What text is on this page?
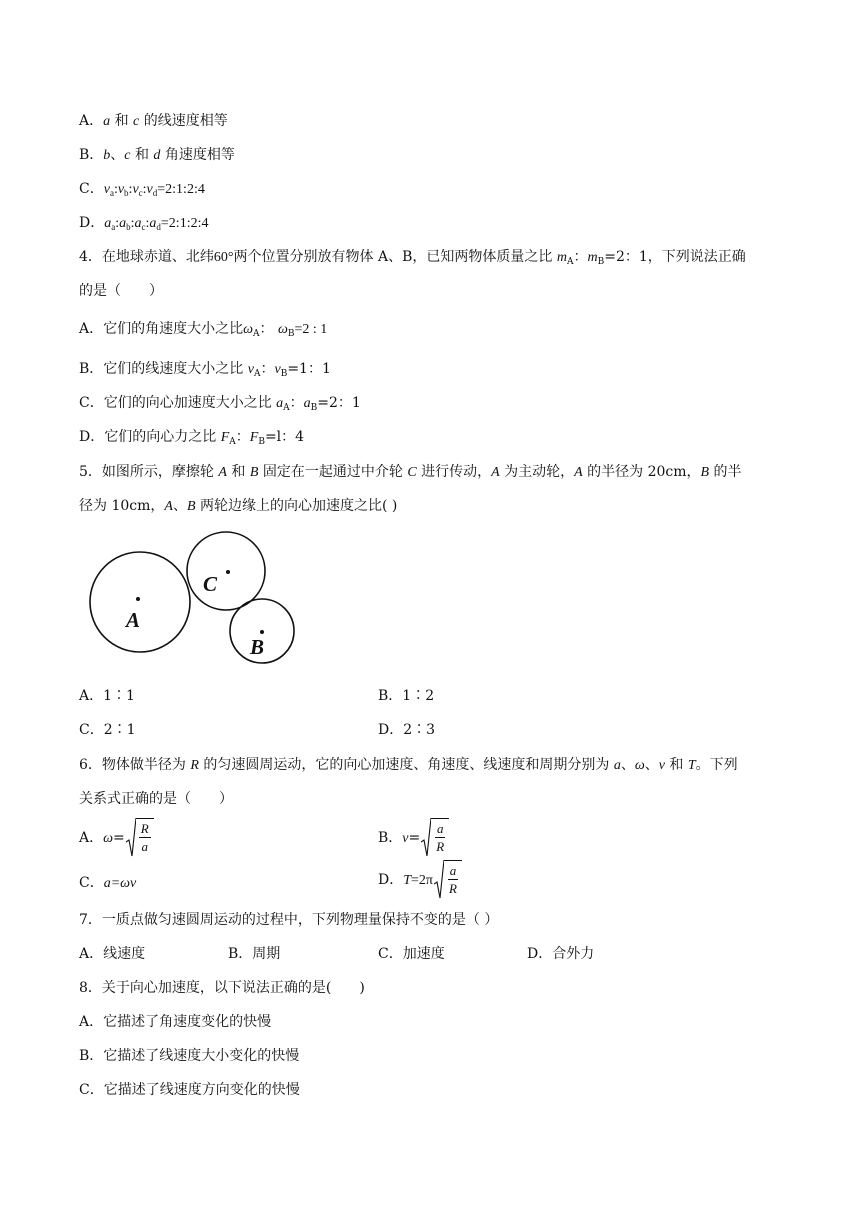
A．a 和 c 的线速度相等
B．b、c 和 d 角速度相等
C．$v_a:v_b:v_c:v_d=2:1:2:4$
D．$a_a:a_b:a_c:a_d=2:1:2:4$
4．在地球赤道、北纬60°两个位置分别放有物体 A、B，已知两物体质量之比 $m_A$：$m_B=2$：1，下列说法正确
的是（　　）
A．它们的角速度大小之比$\omega_A$： $\omega_B=2$ : 1
B．它们的线速度大小之比 $v_A$：$v_B=1$：1
C．它们的向心加速度大小之比 $a_A$：$a_B=2$：1
D．它们的向心力之比 $F_A$：$F_B=l$：4
5．如图所示，摩擦轮 A 和 B 固定在一起通过中介轮 C 进行传动，A 为主动轮，A 的半径为 20cm，B 的半
径为 10cm，A、B 两轮边缘上的向心加速度之比( )
A
C
B
A．1∶1	B．1∶2
C．2∶1	D．2∶3
6．物体做半径为 R 的匀速圆周运动，它的向心加速度、角速度、线速度和周期分别为 a、ω、v 和 T。下列
关系式正确的是（　　）
A．$\omega= \frac{R}{a}$	B．$v= \frac{a}{R}$
C．a=ωv	D．$T=2\pi \frac{a}{R}$
7．一质点做匀速圆周运动的过程中，下列物理量保持不变的是（ ）
A．线速度	B．周期	C．加速度	D．合外力
8．关于向心加速度，以下说法正确的是(　　)
A．它描述了角速度变化的快慢
B．它描述了线速度大小变化的快慢
C．它描述了线速度方向变化的快慢
